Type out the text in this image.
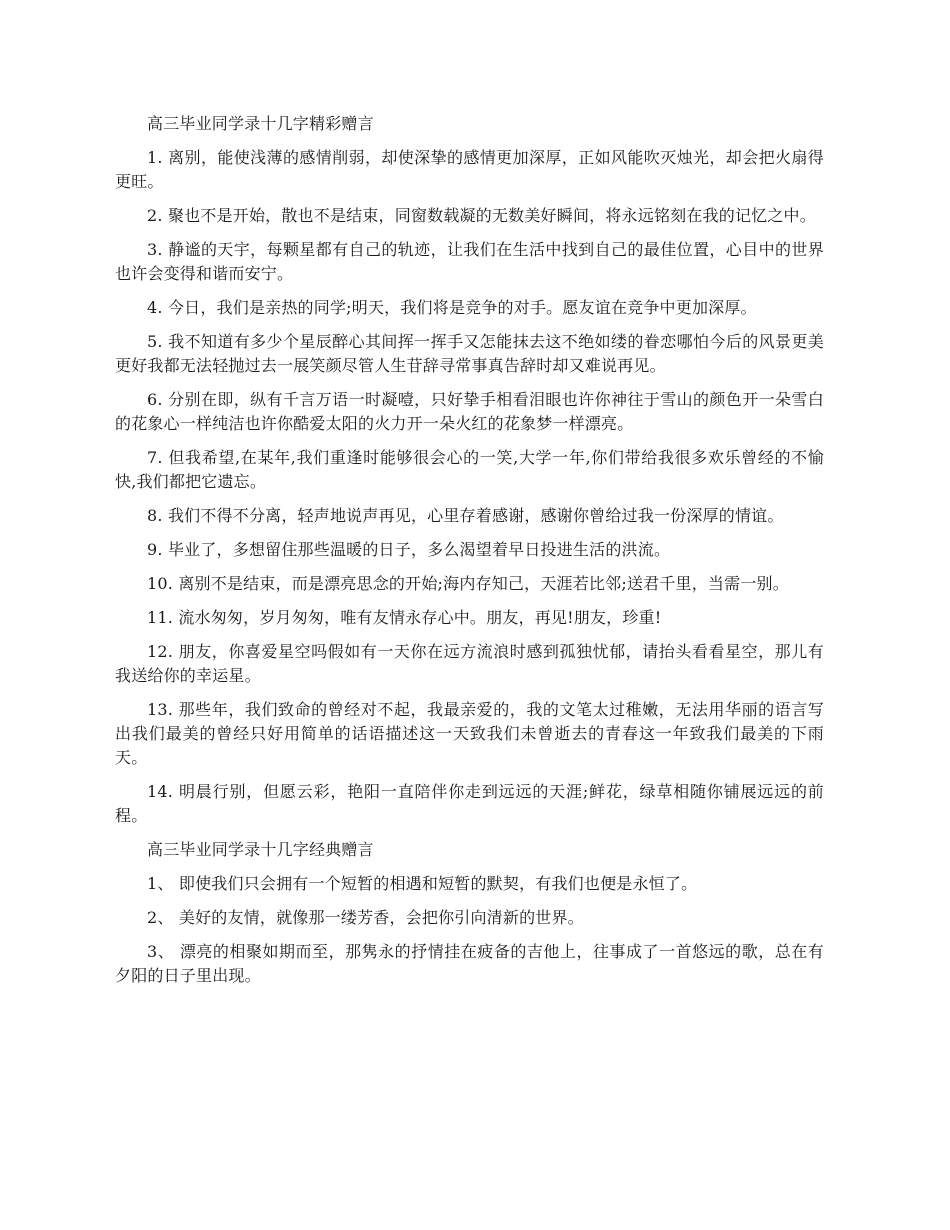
高三毕业同学录十几字精彩赠言

1. 离别，能使浅薄的感情削弱，却使深挚的感情更加深厚，正如风能吹灭烛光，却会把火扇得更旺。

2. 聚也不是开始，散也不是结束，同窗数载凝的无数美好瞬间，将永远铭刻在我的记忆之中。

3. 静谧的天宇，每颗星都有自己的轨迹，让我们在生活中找到自己的最佳位置，心目中的世界也许会变得和谐而安宁。

4. 今日，我们是亲热的同学;明天，我们将是竞争的对手。愿友谊在竞争中更加深厚。

5. 我不知道有多少个星辰醉心其间挥一挥手又怎能抹去这不绝如缕的眷恋哪怕今后的风景更美更好我都无法轻抛过去一展笑颜尽管人生苷辞寻常事真告辞时却又难说再见。

6. 分别在即，纵有千言万语一时凝噎，只好挚手相看泪眼也许你神往于雪山的颜色开一朵雪白的花象心一样纯洁也许你酷爱太阳的火力开一朵火红的花象梦一样漂亮。

7. 但我希望,在某年,我们重逢时能够很会心的一笑,大学一年,你们带给我很多欢乐曾经的不愉快,我们都把它遗忘。

8. 我们不得不分离，轻声地说声再见，心里存着感谢，感谢你曾给过我一份深厚的情谊。

9. 毕业了，多想留住那些温暖的日子，多么渴望着早日投进生活的洪流。

10. 离别不是结束，而是漂亮思念的开始;海内存知己，天涯若比邻;送君千里，当需一别。

11. 流水匆匆，岁月匆匆，唯有友情永存心中。朋友，再见!朋友，珍重!

12. 朋友，你喜爱星空吗假如有一天你在远方流浪时感到孤独忧郁，请抬头看看星空，那儿有我送给你的幸运星。

13. 那些年，我们致命的曾经对不起，我最亲爱的，我的文笔太过稚嫩，无法用华丽的语言写出我们最美的曾经只好用简单的话语描述这一天致我们未曾逝去的青春这一年致我们最美的下雨天。

14. 明晨行别，但愿云彩，艳阳一直陪伴你走到远远的天涯;鲜花，绿草相随你铺展远远的前程。

高三毕业同学录十几字经典赠言

1、 即使我们只会拥有一个短暂的相遇和短暂的默契，有我们也便是永恒了。

2、 美好的友情，就像那一缕芳香，会把你引向清新的世界。

3、 漂亮的相聚如期而至，那隽永的抒情挂在疲备的吉他上，往事成了一首悠远的歌，总在有夕阳的日子里出现。
